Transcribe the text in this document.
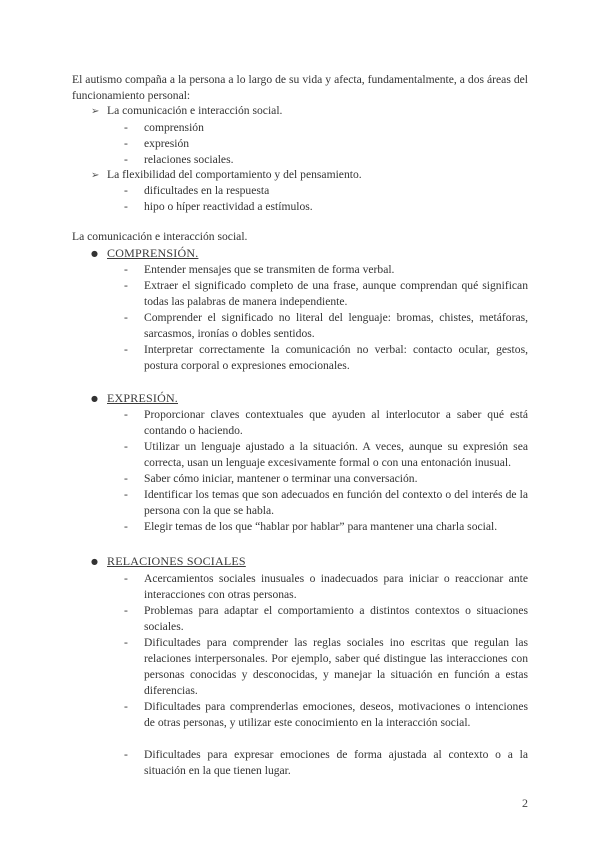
El autismo compaña a la persona a lo largo de su vida y afecta, fundamentalmente, a dos áreas del funcionamiento personal:
➢ La comunicación e interacción social.
-	comprensión
-	expresión
-	relaciones sociales.
➢ La flexibilidad del comportamiento y del pensamiento.
-	dificultades en la respuesta
-	hipo o híper reactividad a estímulos.
La comunicación e interacción social.
● COMPRENSIÓN.
-	Entender mensajes que se transmiten de forma verbal.
-	Extraer el significado completo de una frase, aunque comprendan qué significan todas las palabras de manera independiente.
-	Comprender el significado no literal del lenguaje: bromas, chistes, metáforas, sarcasmos, ironías o dobles sentidos.
-	Interpretar correctamente la comunicación no verbal: contacto ocular, gestos, postura corporal o expresiones emocionales.
● EXPRESIÓN.
-	Proporcionar claves contextuales que ayuden al interlocutor a saber qué está contando o haciendo.
-	Utilizar un lenguaje ajustado a la situación. A veces, aunque su expresión sea correcta, usan un lenguaje excesivamente formal o con una entonación inusual.
-	Saber cómo iniciar, mantener o terminar una conversación.
-	Identificar los temas que son adecuados en función del contexto o del interés de la persona con la que se habla.
-	Elegir temas de los que “hablar por hablar” para mantener una charla social.
● RELACIONES SOCIALES
-	Acercamientos sociales inusuales o inadecuados para iniciar o reaccionar ante interacciones con otras personas.
-	Problemas para adaptar el comportamiento a distintos contextos o situaciones sociales.
-	Dificultades para comprender las reglas sociales ino escritas que regulan las relaciones interpersonales. Por ejemplo, saber qué distingue las interacciones con personas conocidas y desconocidas, y manejar la situación en función a estas diferencias.
-	Dificultades para comprenderlas emociones, deseos, motivaciones o intenciones de otras personas, y utilizar este conocimiento en la interacción social.
-	Dificultades para expresar emociones de forma ajustada al contexto o a la situación en la que tienen lugar.
2
